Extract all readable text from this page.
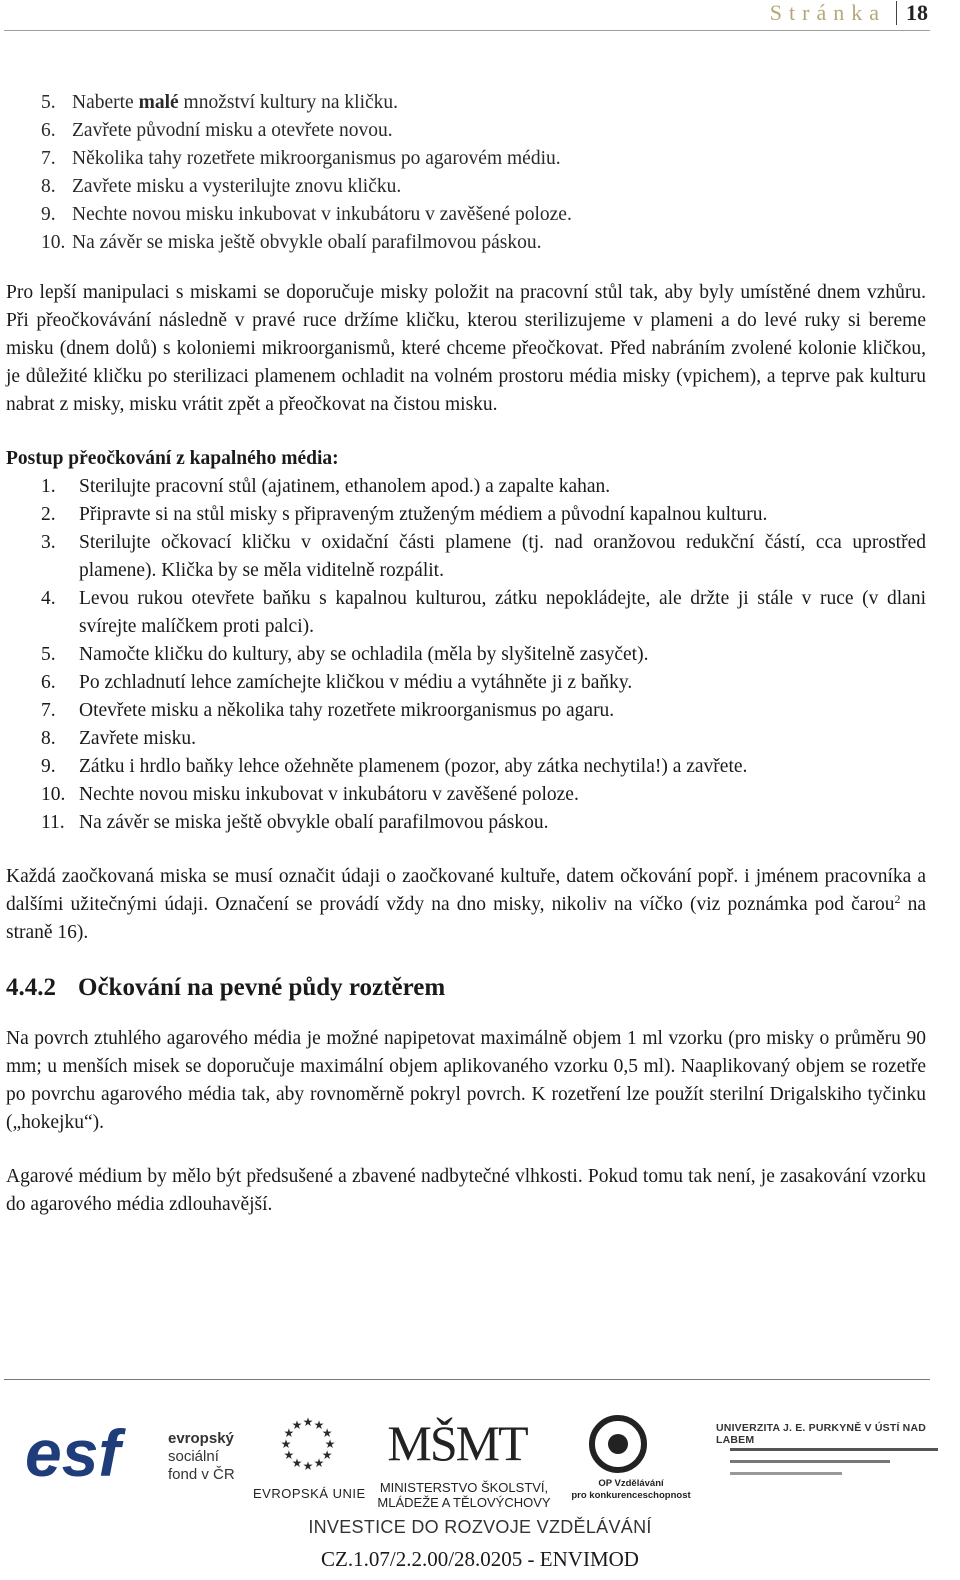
Stránka 18
5. Naberte malé množství kultury na kličku.
6. Zavřete původní misku a otevřete novou.
7. Několika tahy rozetřete mikroorganismus po agarovém médiu.
8. Zavřete misku a vysterilujte znovu kličku.
9. Nechte novou misku inkubovat v inkubátoru v zavěšené poloze.
10. Na závěr se miska ještě obvykle obalí parafilmovou páskou.

Pro lepší manipulaci s miskami se doporučuje misky položit na pracovní stůl tak, aby byly umístěné dnem vzhůru. Při přeočkovávání následně v pravé ruce držíme kličku, kterou sterilizujeme v plameni a do levé ruky si bereme misku (dnem dolů) s koloniemi mikroorganismů, které chceme přeočkovat. Před nabráním zvolené kolonie kličkou, je důležité kličku po sterilizaci plamenem ochladit na volném prostoru média misky (vpichem), a teprve pak kulturu nabrat z misky, misku vrátit zpět a přeočkovat na čistou misku.

Postup přeočkování z kapalného média:

1.	Sterilujte pracovní stůl (ajatinem, ethanolem apod.) a zapalte kahan.
2.	Připravte si na stůl misky s připraveným ztuženým médiem a původní kapalnou kulturu.
3.	Sterilujte očkovací kličku v oxidační části plamene (tj. nad oranžovou redukční částí, cca uprostřed plamene). Klička by se měla viditelně rozpálit.
4.	Levou rukou otevřete baňku s kapalnou kulturou, zátku nepokládejte, ale držte ji stále v ruce (v dlani svírejte malíčkem proti palci).
5.	Namočte kličku do kultury, aby se ochladila (měla by slyšitelně zasyčet).
6.	Po zchladnutí lehce zamíchejte kličkou v médiu a vytáhněte ji z baňky.
7.	Otevřete misku a několika tahy rozetřete mikroorganismus po agaru.
8.	Zavřete misku.
9.	Zátku i hrdlo baňky lehce ožehněte plamenem (pozor, aby zátka nechytila!) a zavřete.
10. Nechte novou misku inkubovat v inkubátoru v zavěšené poloze.
11. Na závěr se miska ještě obvykle obalí parafilmovou páskou.

Každá zaočkovaná miska se musí označit údaji o zaočkované kultuře, datem očkování popř. i jménem pracovníka a dalšími užitečnými údaji. Označení se provádí vždy na dno misky, nikoliv na víčko (viz poznámka pod čarou$^2$ na straně 16).

4.4.2 Očkování na pevné půdy roztěrem

Na povrch ztuhlého agarového média je možné napipetovat maximálně objem 1 ml vzorku (pro misky o průměru 90 mm; u menších misek se doporučuje maximální objem aplikovaného vzorku 0,5 ml). Naaplikovaný objem se rozetře po povrchu agarového média tak, aby rovnoměrně pokryl povrch. K rozetření lze použít sterilní Drigalskiho tyčinku („hokejku“).

Agarové médium by mělo být předsušené a zbavené nadbytečné vlhkosti. Pokud tomu tak není, je zasakování vzorku do agarového média zdlouhavější.

esf	evropský
sociální
fond v ČR
★
★
★
★
★
★
★
★
★ ★ ★
★
EVROPSKÁ UNIE
MŠMT
MINISTERSTVO ŠKOLSTVÍ,
MLÁDEŽE A TĚLOVÝCHOVY
OP Vzdělávání
pro konkurenceschopnost
UNIVERZITA J. E. PURKYNĚ V ÚSTÍ NAD LABEM
INVESTICE DO ROZVOJE VZDĚLÁVÁNÍ
CZ.1.07/2.2.00/28.0205 - ENVIMOD
